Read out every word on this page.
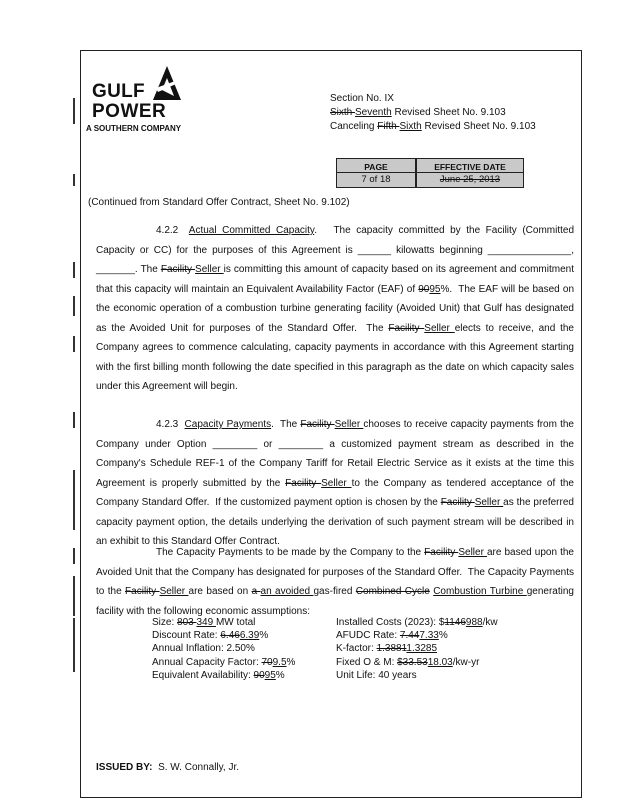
GULF
POWER
A SOUTHERN COMPANY
Section No. IX
Sixth Seventh Revised Sheet No. 9.103
Canceling Fifth Sixth Revised Sheet No. 9.103
PAGE
7 of 18
EFFECTIVE DATE
June 25, 2013
(Continued from Standard Offer Contract, Sheet No. 9.102)
4.2.2  Actual Committed Capacity.   The capacity committed by the Facility (Committed Capacity or CC) for the purposes of this Agreement is ______ kilowatts beginning _______________, _______. The Facility Seller is committing this amount of capacity based on its agreement and commitment that this capacity will maintain an Equivalent Availability Factor (EAF) of 9095%.  The EAF will be based on the economic operation of a combustion turbine generating facility (Avoided Unit) that Gulf has designated as the Avoided Unit for purposes of the Standard Offer.  The Facility Seller elects to receive, and the Company agrees to commence calculating, capacity payments in accordance with this Agreement starting with the first billing month following the date specified in this paragraph as the date on which capacity sales under this Agreement will begin.
4.2.3  Capacity Payments.  The Facility Seller chooses to receive capacity payments from the Company under Option ________ or ________ a customized payment stream as described in the Company's Schedule REF-1 of the Company Tariff for Retail Electric Service as it exists at the time this Agreement is properly submitted by the Facility Seller to the Company as tendered acceptance of the Company Standard Offer.  If the customized payment option is chosen by the Facility Seller as the preferred capacity payment option, the details underlying the derivation of such payment stream will be described in an exhibit to this Standard Offer Contract.
The Capacity Payments to be made by the Company to the Facility Seller are based upon the Avoided Unit that the Company has designated for purposes of the Standard Offer.  The Capacity Payments to the Facility Seller are based on a an avoided gas-fired Combined Cycle Combustion Turbine generating facility with the following economic assumptions:
Size: 803 349 MW total
Discount Rate: 6.466.39%
Annual Inflation: 2.50%
Annual Capacity Factor: 709.5%
Equivalent Availability: 9095%
Installed Costs (2023): $1146988/kw
AFUDC Rate: 7.447.33%
K-factor: 1.38811.3285
Fixed O & M: $33.5318.03/kw-yr
Unit Life: 40 years
ISSUED BY: S. W. Connally, Jr.
